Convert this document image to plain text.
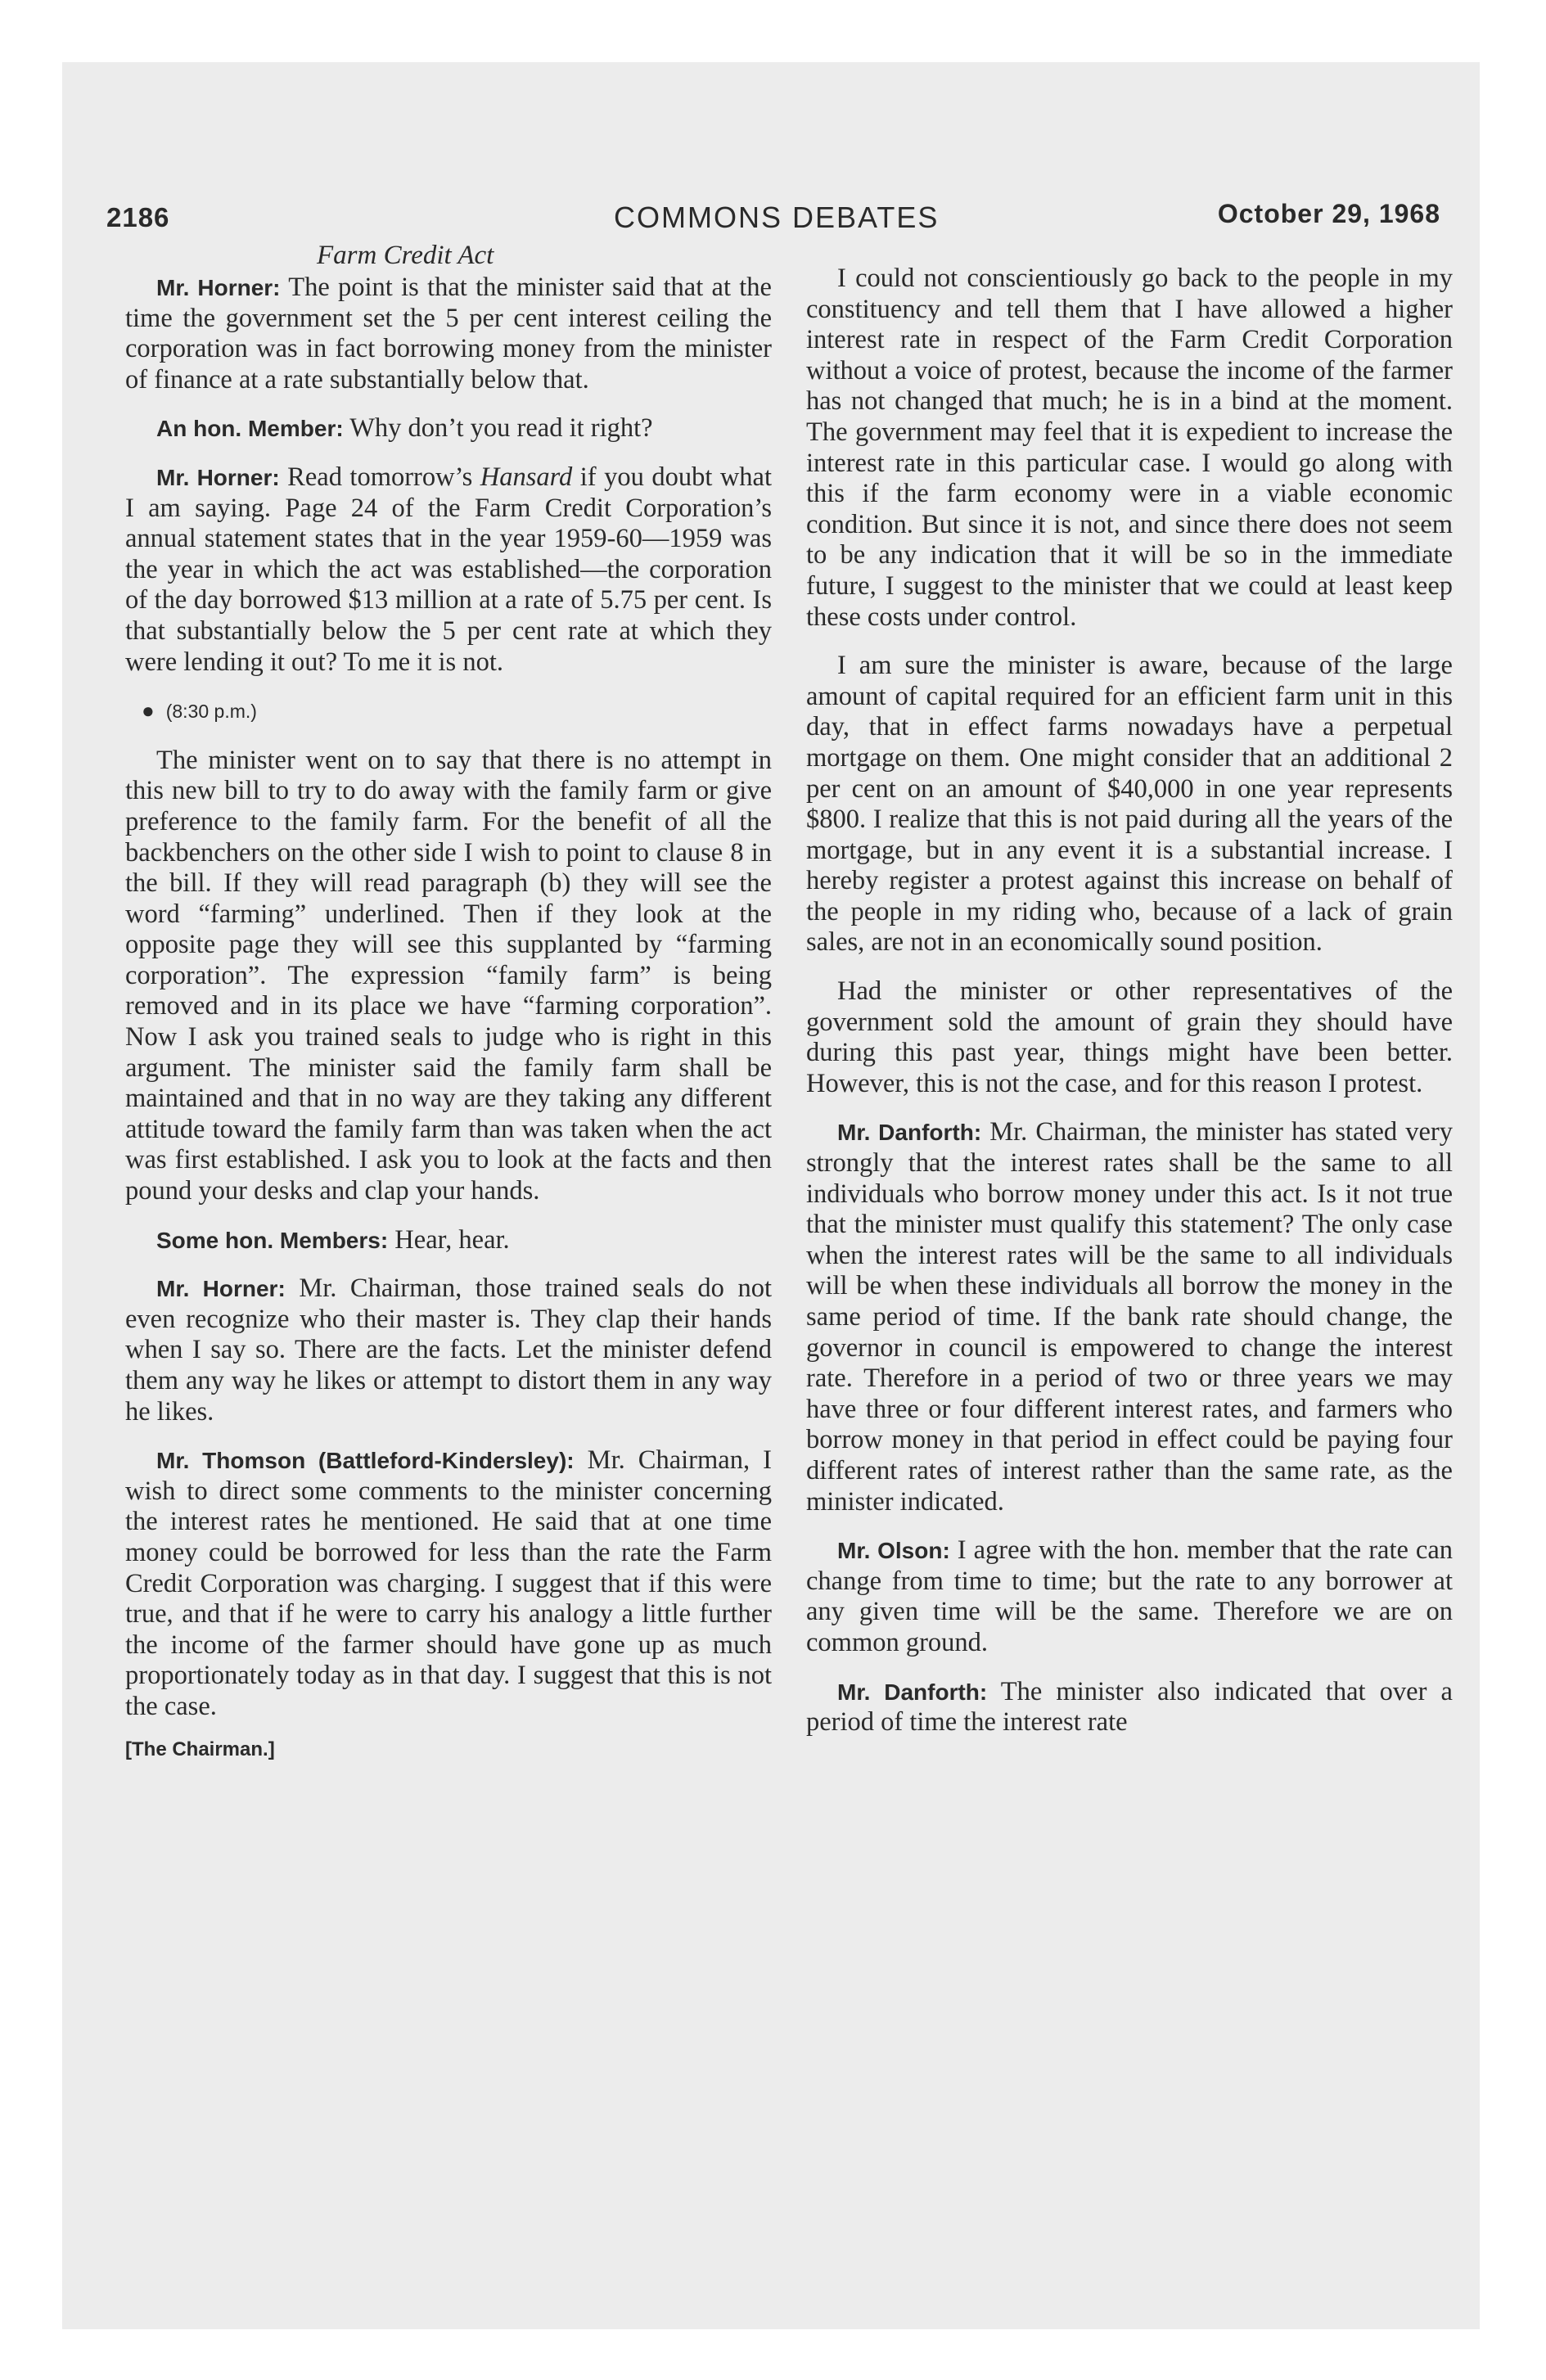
2186	COMMONS DEBATES	October 29, 1968
Farm Credit Act

Mr. Horner: The point is that the minister said that at the time the government set the 5 per cent interest ceiling the corporation was in fact borrowing money from the minister of finance at a rate substantially below that.

An hon. Member: Why don’t you read it right?

Mr. Horner: Read tomorrow’s Hansard if you doubt what I am saying. Page 24 of the Farm Credit Corporation’s annual statement states that in the year 1959-60—1959 was the year in which the act was established—the corporation of the day borrowed $13 million at a rate of 5.75 per cent. Is that substantially below the 5 per cent rate at which they were lending it out? To me it is not.

● (8:30 p.m.)

The minister went on to say that there is no attempt in this new bill to try to do away with the family farm or give preference to the family farm. For the benefit of all the backbenchers on the other side I wish to point to clause 8 in the bill. If they will read paragraph (b) they will see the word “farming” underlined. Then if they look at the opposite page they will see this supplanted by “farming corporation”. The expression “family farm” is being removed and in its place we have “farming corporation”. Now I ask you trained seals to judge who is right in this argument. The minister said the family farm shall be maintained and that in no way are they taking any different attitude toward the family farm than was taken when the act was first established. I ask you to look at the facts and then pound your desks and clap your hands.

Some hon. Members: Hear, hear.

Mr. Horner: Mr. Chairman, those trained seals do not even recognize who their master is. They clap their hands when I say so. There are the facts. Let the minister defend them any way he likes or attempt to distort them in any way he likes.

Mr. Thomson (Battleford-Kindersley): Mr. Chairman, I wish to direct some comments to the minister concerning the interest rates he mentioned. He said that at one time money could be borrowed for less than the rate the Farm Credit Corporation was charging. I suggest that if this were true, and that if he were to carry his analogy a little further the income of the farmer should have gone up as much proportionately today as in that day. I suggest that this is not the case.

[The Chairman.]

I could not conscientiously go back to the people in my constituency and tell them that I have allowed a higher interest rate in respect of the Farm Credit Corporation without a voice of protest, because the income of the farmer has not changed that much; he is in a bind at the moment. The government may feel that it is expedient to increase the interest rate in this particular case. I would go along with this if the farm economy were in a viable economic condition. But since it is not, and since there does not seem to be any indication that it will be so in the immediate future, I suggest to the minister that we could at least keep these costs under control.

I am sure the minister is aware, because of the large amount of capital required for an efficient farm unit in this day, that in effect farms nowadays have a perpetual mortgage on them. One might consider that an additional 2 per cent on an amount of $40,000 in one year represents $800. I realize that this is not paid during all the years of the mortgage, but in any event it is a substantial increase. I hereby register a protest against this increase on behalf of the people in my riding who, because of a lack of grain sales, are not in an economically sound position.

Had the minister or other representatives of the government sold the amount of grain they should have during this past year, things might have been better. However, this is not the case, and for this reason I protest.

Mr. Danforth: Mr. Chairman, the minister has stated very strongly that the interest rates shall be the same to all individuals who borrow money under this act. Is it not true that the minister must qualify this statement? The only case when the interest rates will be the same to all individuals will be when these individuals all borrow the money in the same period of time. If the bank rate should change, the governor in council is empowered to change the interest rate. Therefore in a period of two or three years we may have three or four different interest rates, and farmers who borrow money in that period in effect could be paying four different rates of interest rather than the same rate, as the minister indicated.

Mr. Olson: I agree with the hon. member that the rate can change from time to time; but the rate to any borrower at any given time will be the same. Therefore we are on common ground.

Mr. Danforth: The minister also indicated that over a period of time the interest rate
